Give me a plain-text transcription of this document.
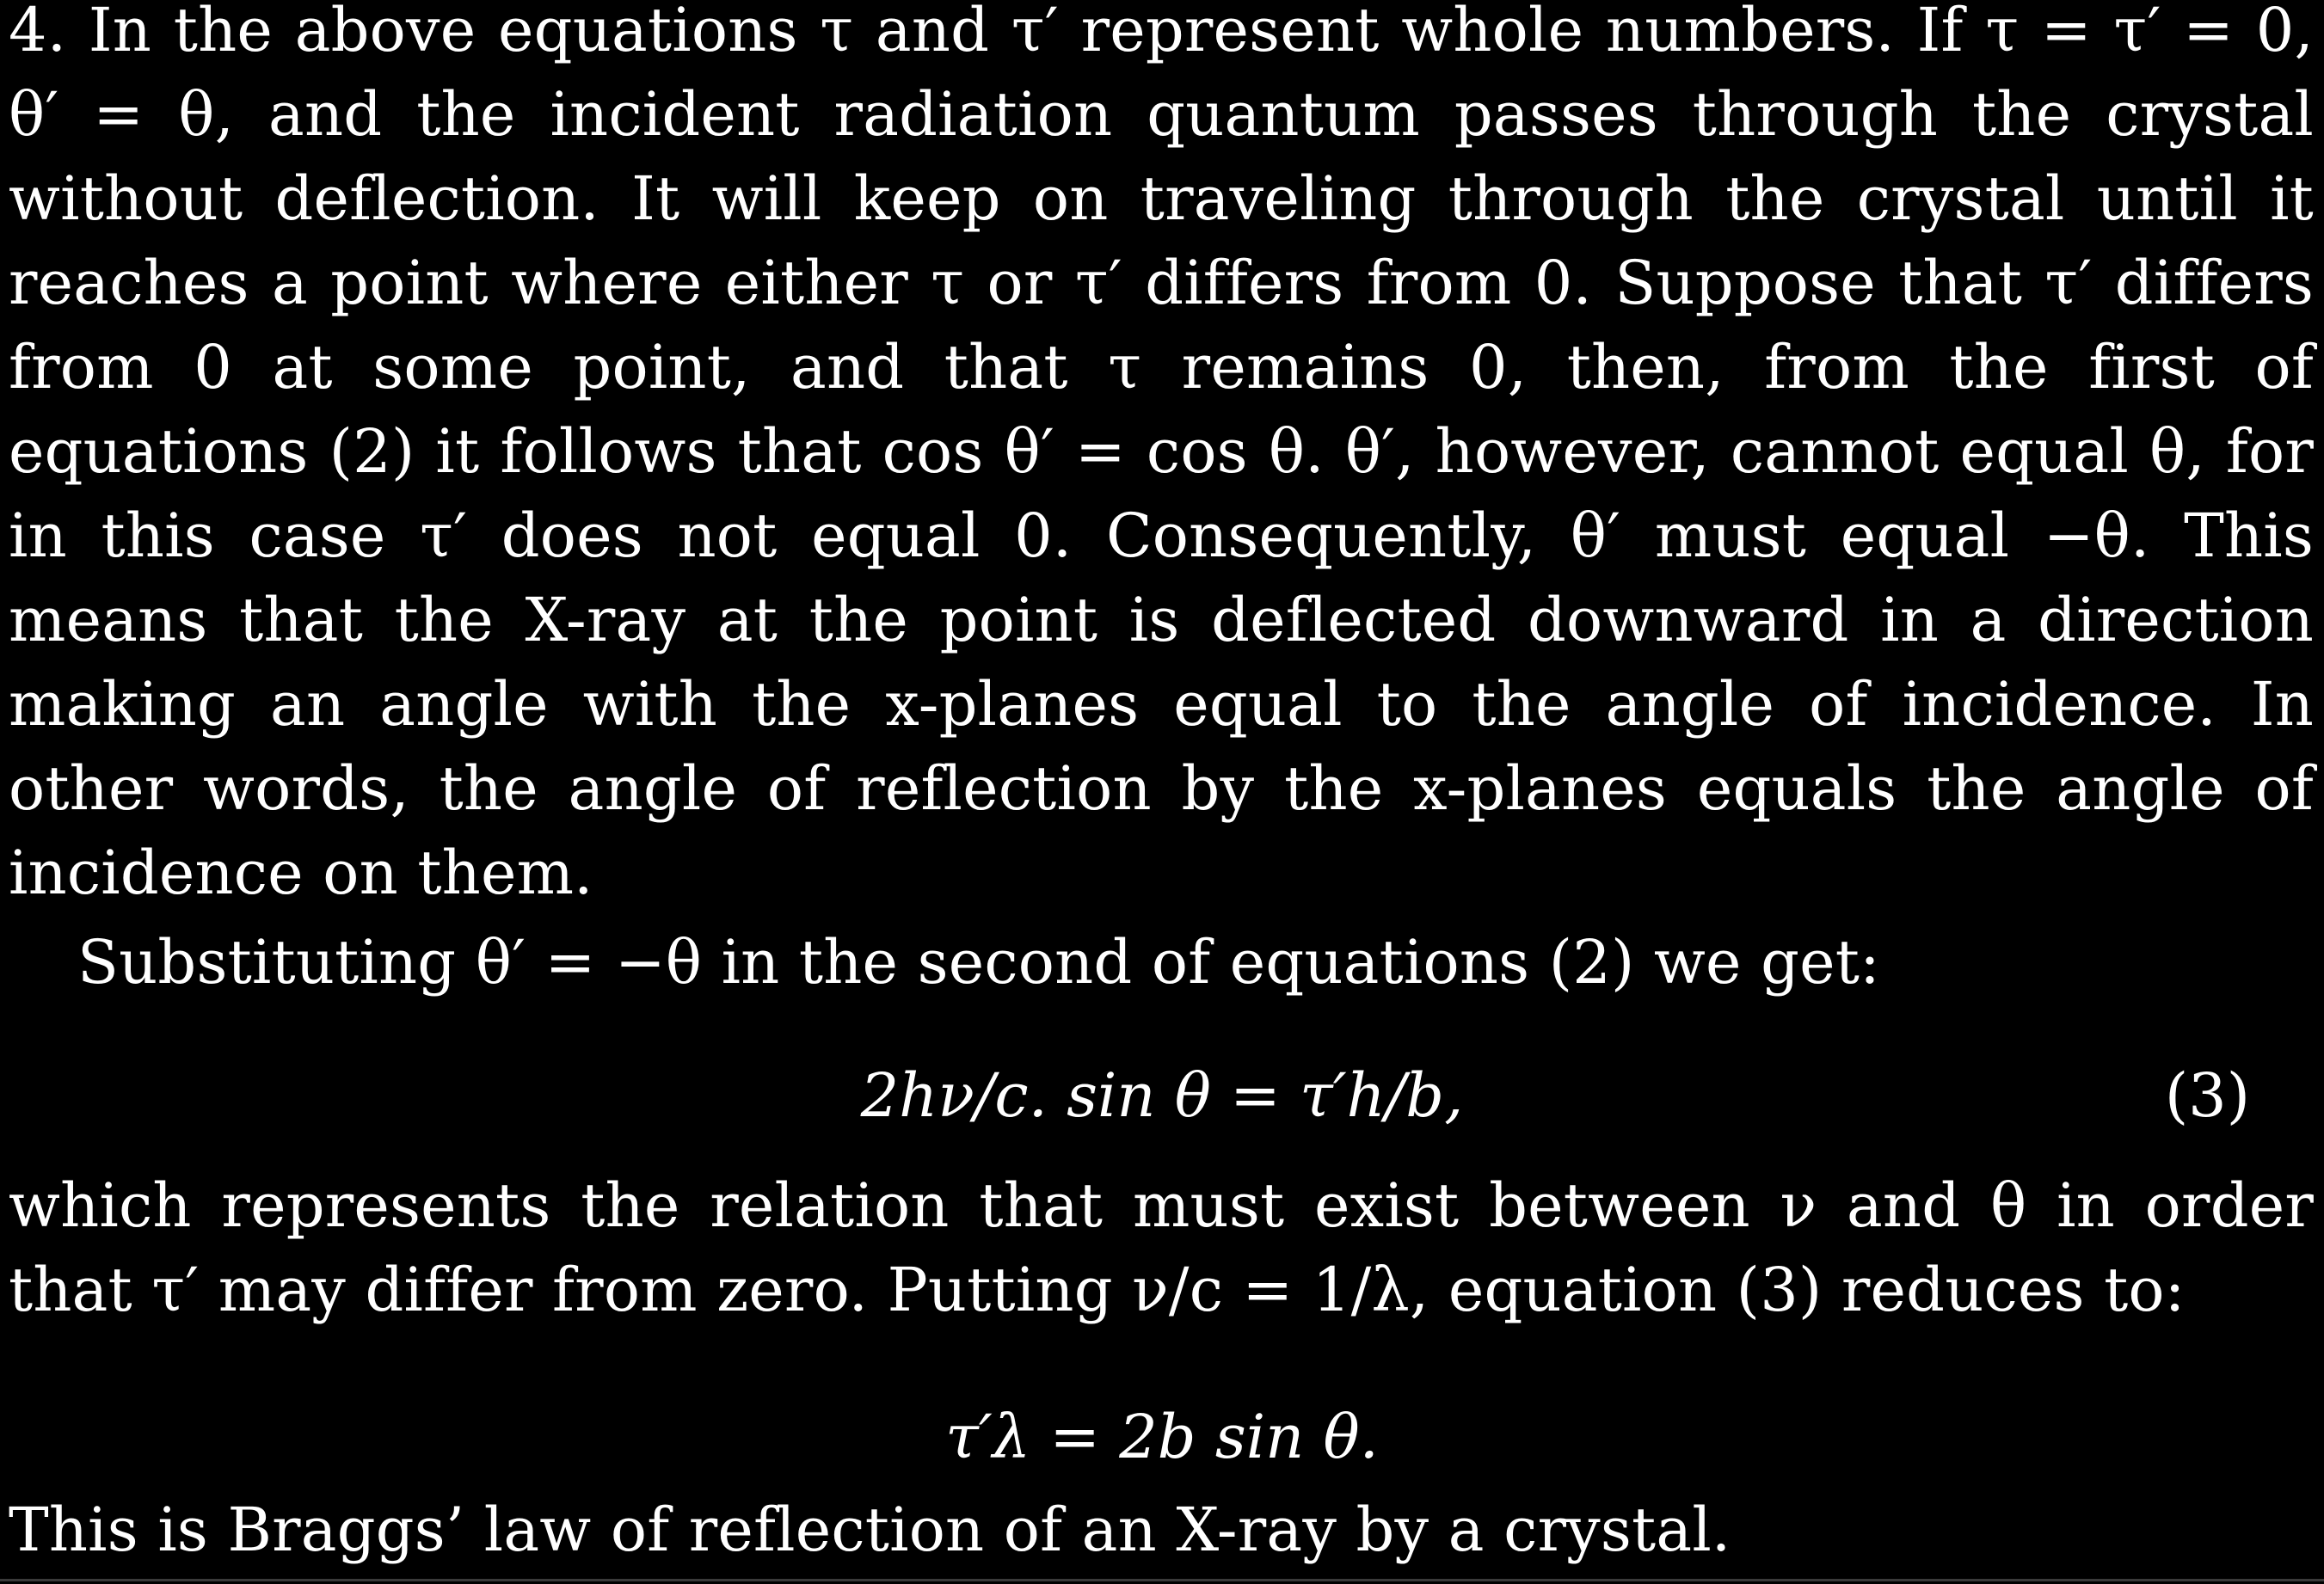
4. In the above equations τ and τ′ represent whole numbers. If τ = τ′ = 0, θ′ = θ, and the incident radiation quantum passes through the crystal without deflection. It will keep on traveling through the crystal until it reaches a point where either τ or τ′ differs from 0. Suppose that τ′ differs from 0 at some point, and that τ remains 0, then, from the first of equations (2) it follows that cos θ′ = cos θ. θ′, however, cannot equal θ, for in this case τ′ does not equal 0. Consequently, θ′ must equal −θ. This means that the X-ray at the point is deflected downward in a direction making an angle with the x-planes equal to the angle of incidence. In other words, the angle of reflection by the x-planes equals the angle of incidence on them.

Substituting θ′ = −θ in the second of equations (2) we get:

2hν/c. sin θ = τ′h/b,	(3)

which represents the relation that must exist between ν and θ in order that τ′ may differ from zero. Putting ν/c = 1/λ, equation (3) reduces to:

τ′λ = 2b sin θ.

This is Braggs’ law of reflection of an X-ray by a crystal.
